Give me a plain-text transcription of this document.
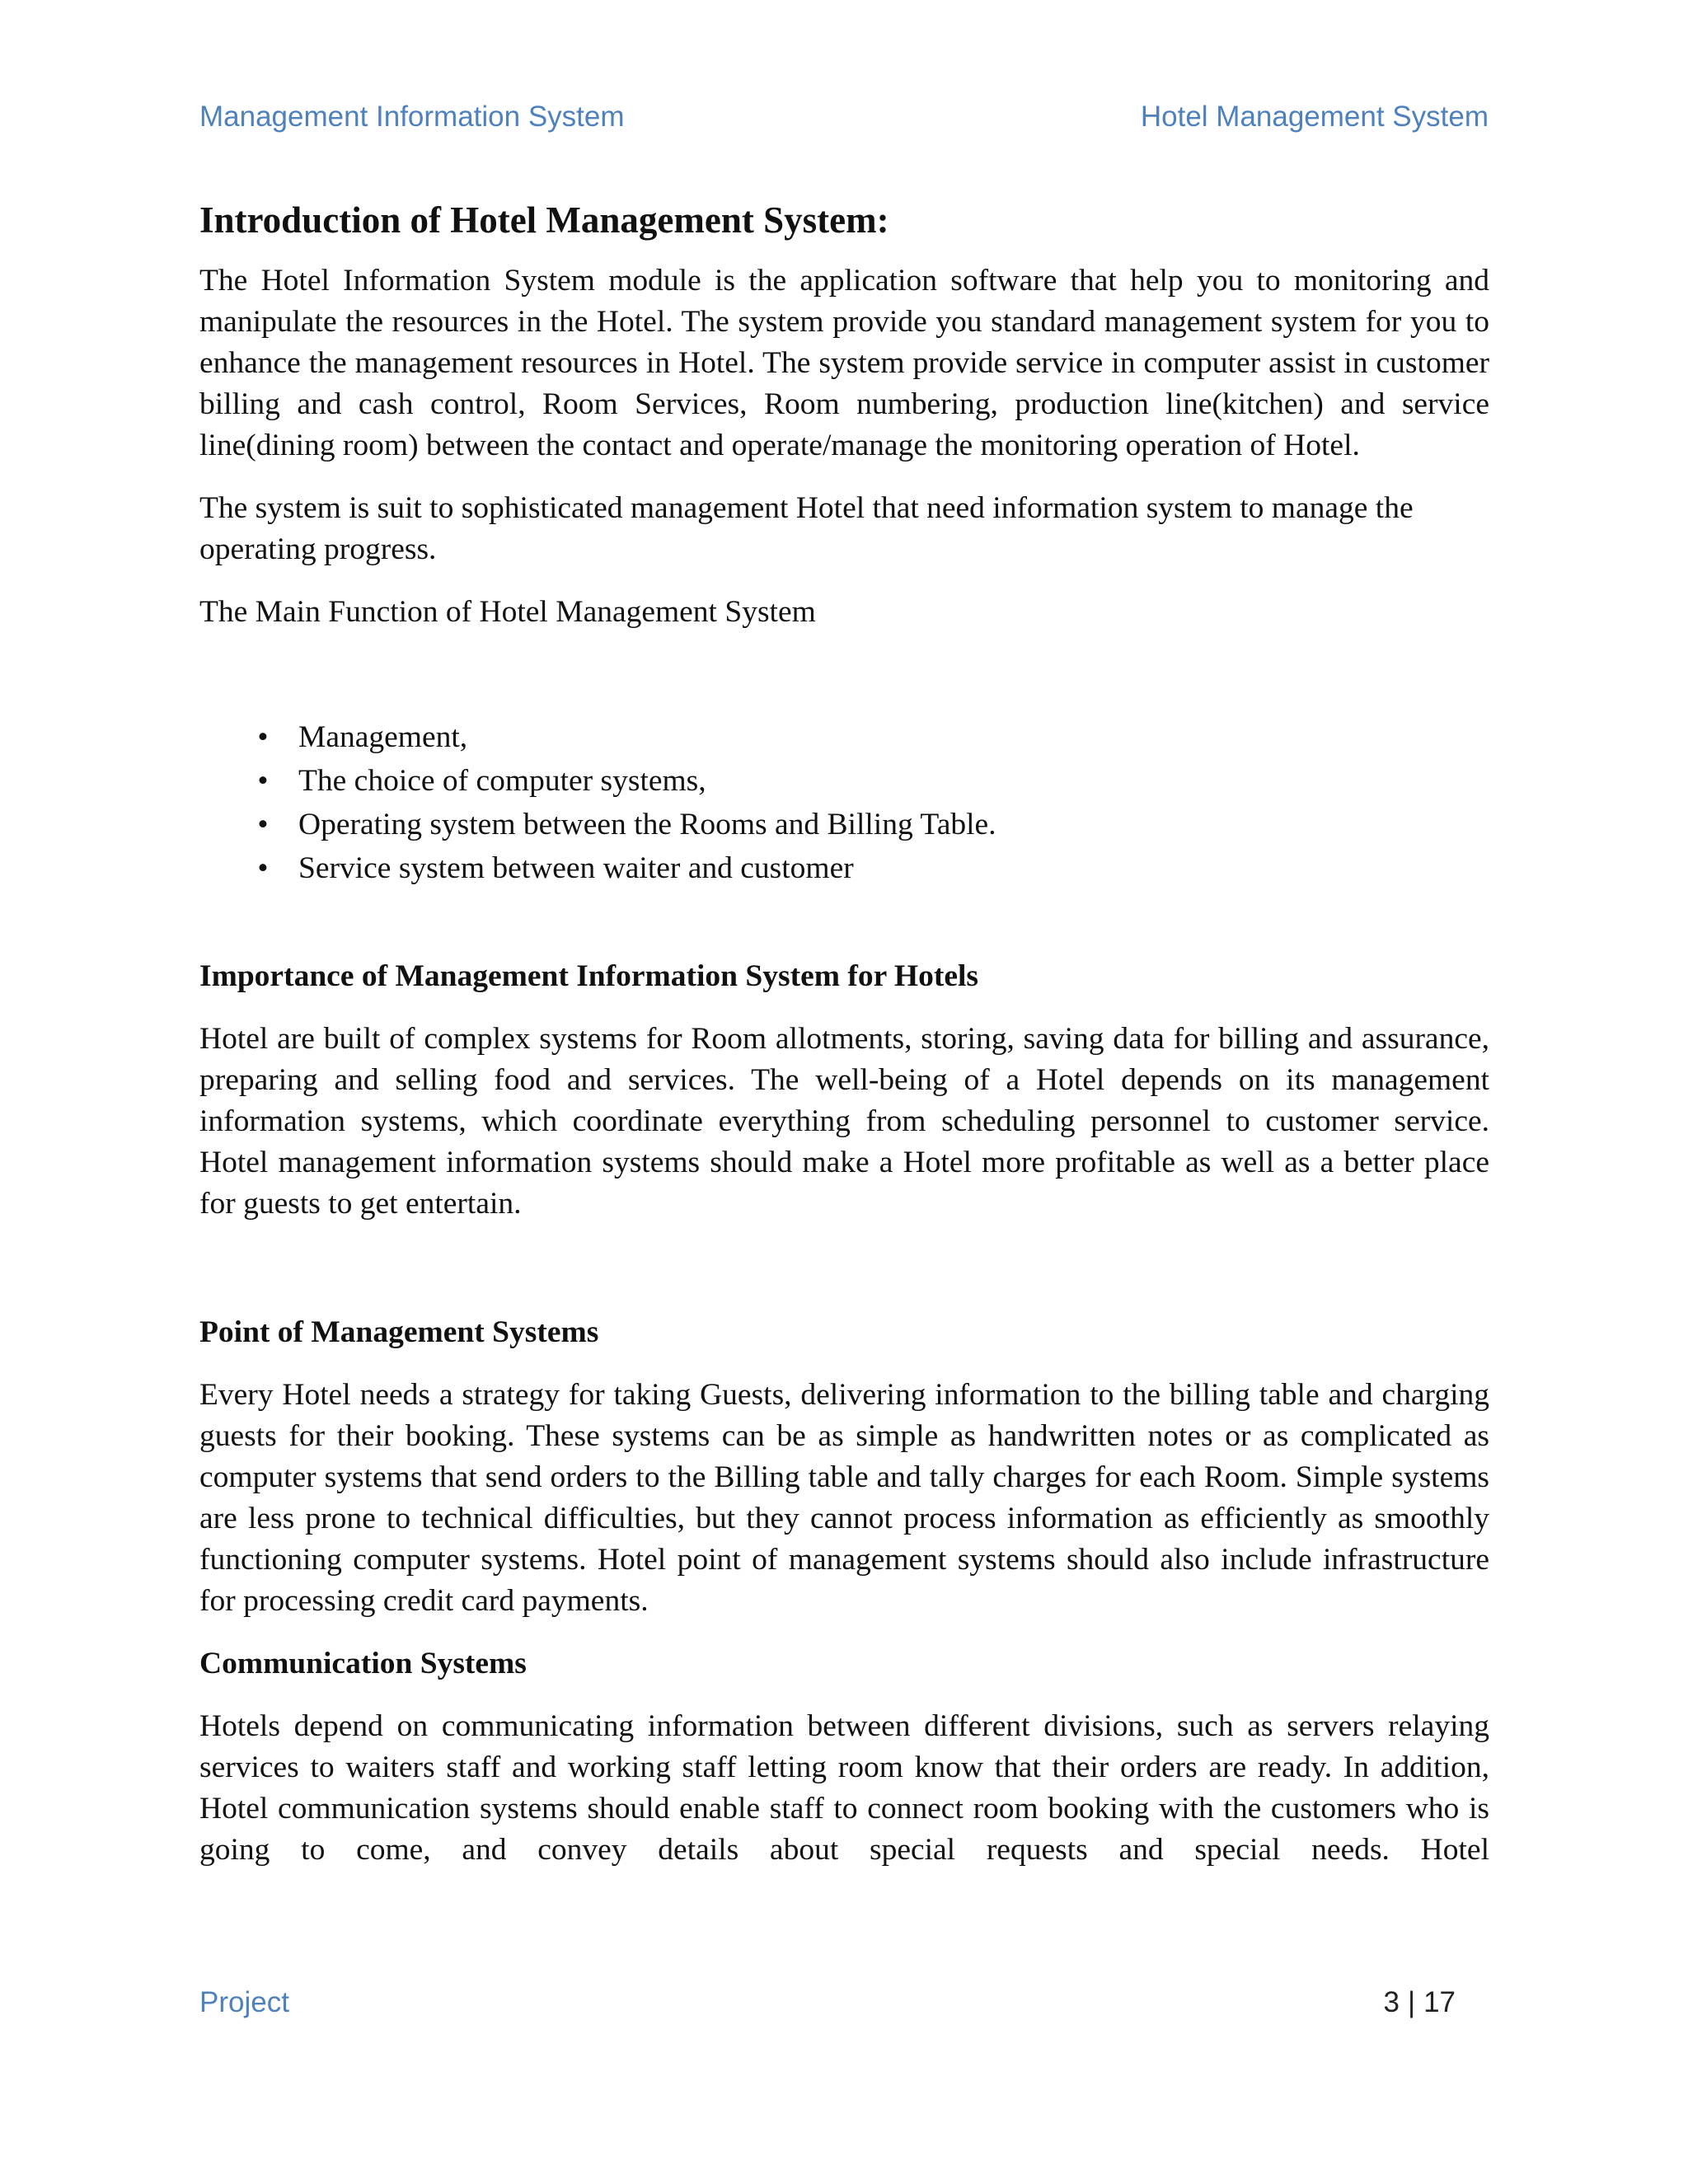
Management Information System	Hotel Management System
Introduction of Hotel Management System:

The Hotel Information System module is the application software that help you to monitoring and manipulate the resources in the Hotel. The system provide you standard management system for you to enhance the management resources in Hotel. The system provide service in computer assist in customer billing and cash control, Room Services, Room numbering, production line(kitchen) and service line(dining room) between the contact and operate/manage the monitoring operation of Hotel.

The system is suit to sophisticated management Hotel that need information system to manage the operating progress.

The Main Function of Hotel Management System

• Management,
• The choice of computer systems,
• Operating system between the Rooms and Billing Table.
• Service system between waiter and customer
Importance of Management Information System for Hotels

Hotel are built of complex systems for Room allotments, storing, saving data for billing and assurance, preparing and selling food and services. The well-being of a Hotel depends on its management information systems, which coordinate everything from scheduling personnel to customer service. Hotel management information systems should make a Hotel more profitable as well as a better place for guests to get entertain.

Point of Management Systems

Every Hotel needs a strategy for taking Guests, delivering information to the billing table and charging guests for their booking. These systems can be as simple as handwritten notes or as complicated as computer systems that send orders to the Billing table and tally charges for each Room. Simple systems are less prone to technical difficulties, but they cannot process information as efficiently as smoothly functioning computer systems. Hotel point of management systems should also include infrastructure for processing credit card payments.

Communication Systems

Hotels depend on communicating information between different divisions, such as servers relaying services to waiters staff and working staff letting room know that their orders are ready. In addition, Hotel communication systems should enable staff to connect room booking with the customers who is going to come, and convey details about special requests and special needs. Hotel

Project	3 | 17
